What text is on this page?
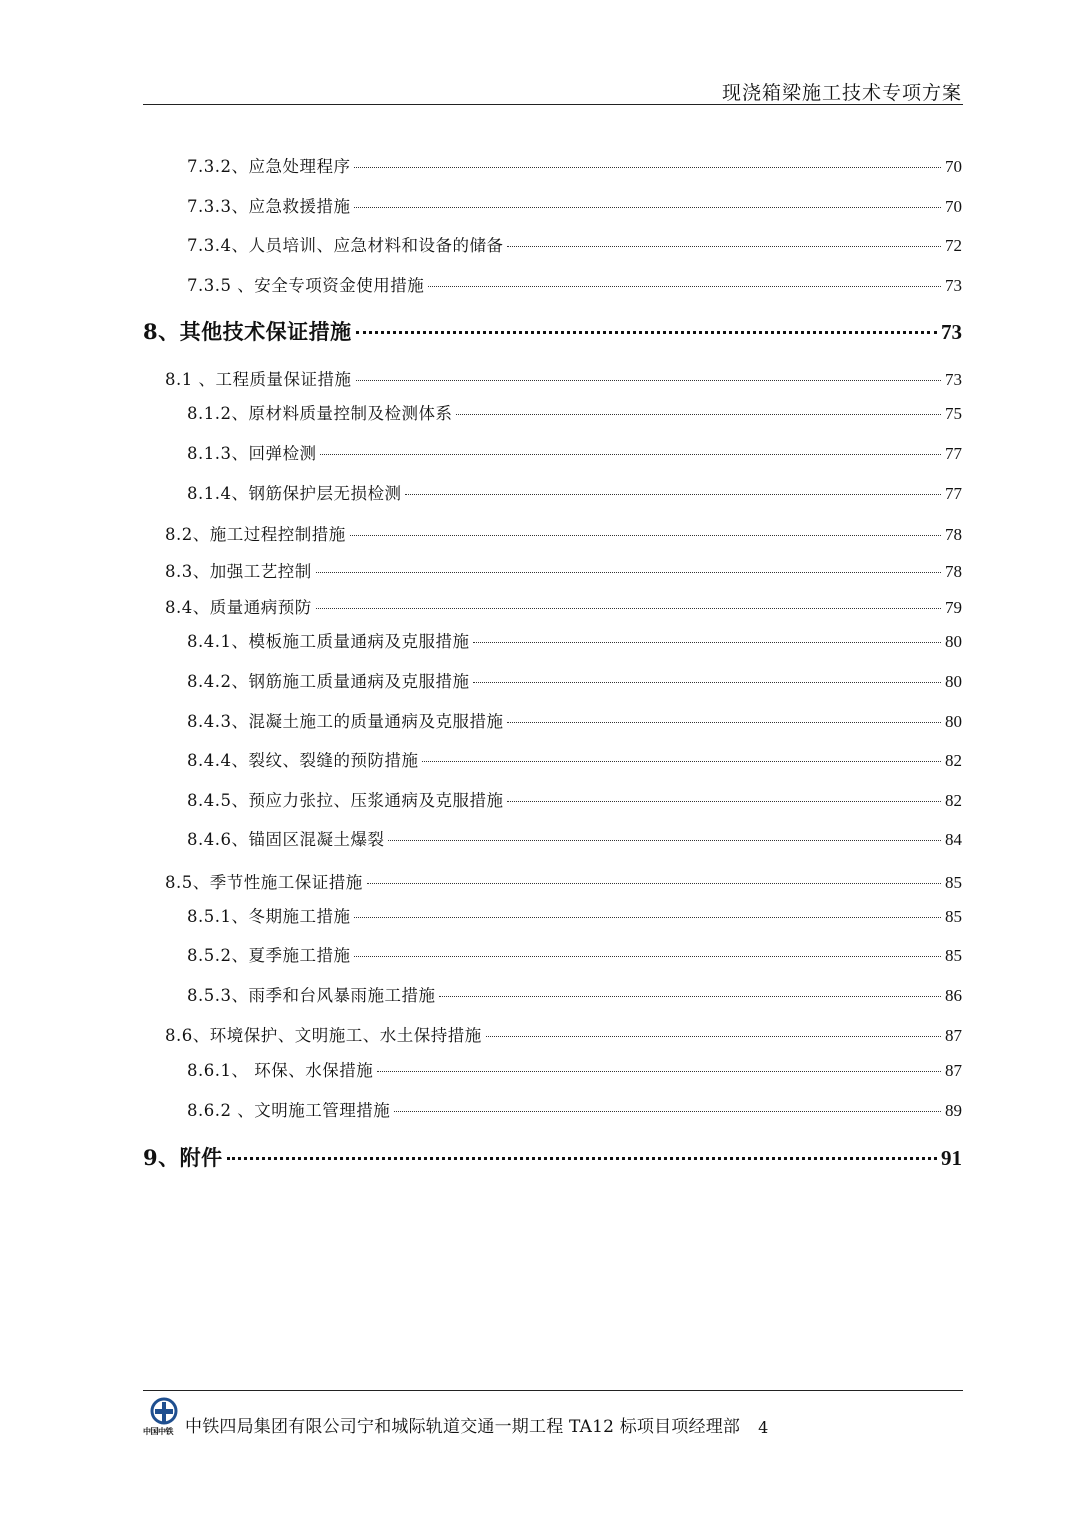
现浇箱梁施工技术专项方案
7.3.2、应急处理程序	70
7.3.3、应急救援措施	70
7.3.4、人员培训、应急材料和设备的储备	72
7.3.5 、安全专项资金使用措施	73
8、其他技术保证措施	73
8.1 、工程质量保证措施	73
8.1.2、原材料质量控制及检测体系	75
8.1.3、回弹检测	77
8.1.4、钢筋保护层无损检测	77
8.2、施工过程控制措施	78
8.3、加强工艺控制	78
8.4、质量通病预防	79
8.4.1、模板施工质量通病及克服措施	80
8.4.2、钢筋施工质量通病及克服措施	80
8.4.3、混凝土施工的质量通病及克服措施	80
8.4.4、裂纹、裂缝的预防措施	82
8.4.5、预应力张拉、压浆通病及克服措施	82
8.4.6、锚固区混凝土爆裂	84
8.5、季节性施工保证措施	85
8.5.1、冬期施工措施	85
8.5.2、夏季施工措施	85
8.5.3、雨季和台风暴雨施工措施	86
8.6、环境保护、文明施工、水土保持措施	87
8.6.1、 环保、水保措施	87
8.6.2 、文明施工管理措施	89
9、附件	91
中国中铁 中铁四局集团有限公司宁和城际轨道交通一期工程 TA12 标项目项经理部 4
